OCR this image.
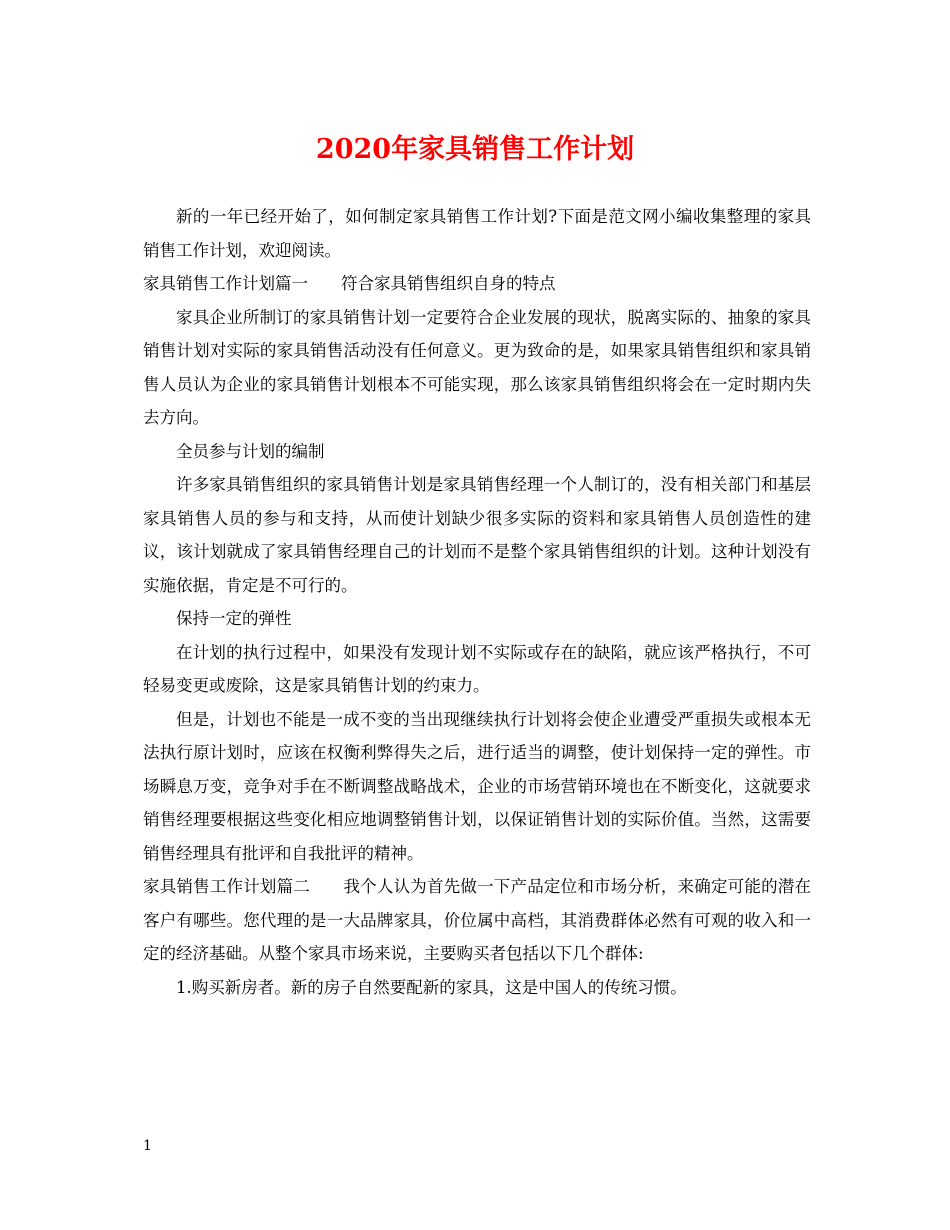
2020年家具销售工作计划

新的一年已经开始了，如何制定家具销售工作计划?下面是范文网小编收集整理的家具销售工作计划，欢迎阅读。

家具销售工作计划篇一　　符合家具销售组织自身的特点

家具企业所制订的家具销售计划一定要符合企业发展的现状，脱离实际的、抽象的家具销售计划对实际的家具销售活动没有任何意义。更为致命的是，如果家具销售组织和家具销售人员认为企业的家具销售计划根本不可能实现，那么该家具销售组织将会在一定时期内失去方向。

全员参与计划的编制

许多家具销售组织的家具销售计划是家具销售经理一个人制订的，没有相关部门和基层家具销售人员的参与和支持，从而使计划缺少很多实际的资料和家具销售人员创造性的建议，该计划就成了家具销售经理自己的计划而不是整个家具销售组织的计划。这种计划没有实施依据，肯定是不可行的。

保持一定的弹性

在计划的执行过程中，如果没有发现计划不实际或存在的缺陷，就应该严格执行，不可轻易变更或废除，这是家具销售计划的约束力。

但是，计划也不能是一成不变的当出现继续执行计划将会使企业遭受严重损失或根本无法执行原计划时，应该在权衡利弊得失之后，进行适当的调整，使计划保持一定的弹性。市场瞬息万变，竞争对手在不断调整战略战术，企业的市场营销环境也在不断变化，这就要求销售经理要根据这些变化相应地调整销售计划，以保证销售计划的实际价值。当然，这需要销售经理具有批评和自我批评的精神。

家具销售工作计划篇二　　我个人认为首先做一下产品定位和市场分析，来确定可能的潜在客户有哪些。您代理的是一大品牌家具，价位属中高档，其消费群体必然有可观的收入和一定的经济基础。从整个家具市场来说，主要购买者包括以下几个群体:

1.购买新房者。新的房子自然要配新的家具，这是中国人的传统习惯。

1
